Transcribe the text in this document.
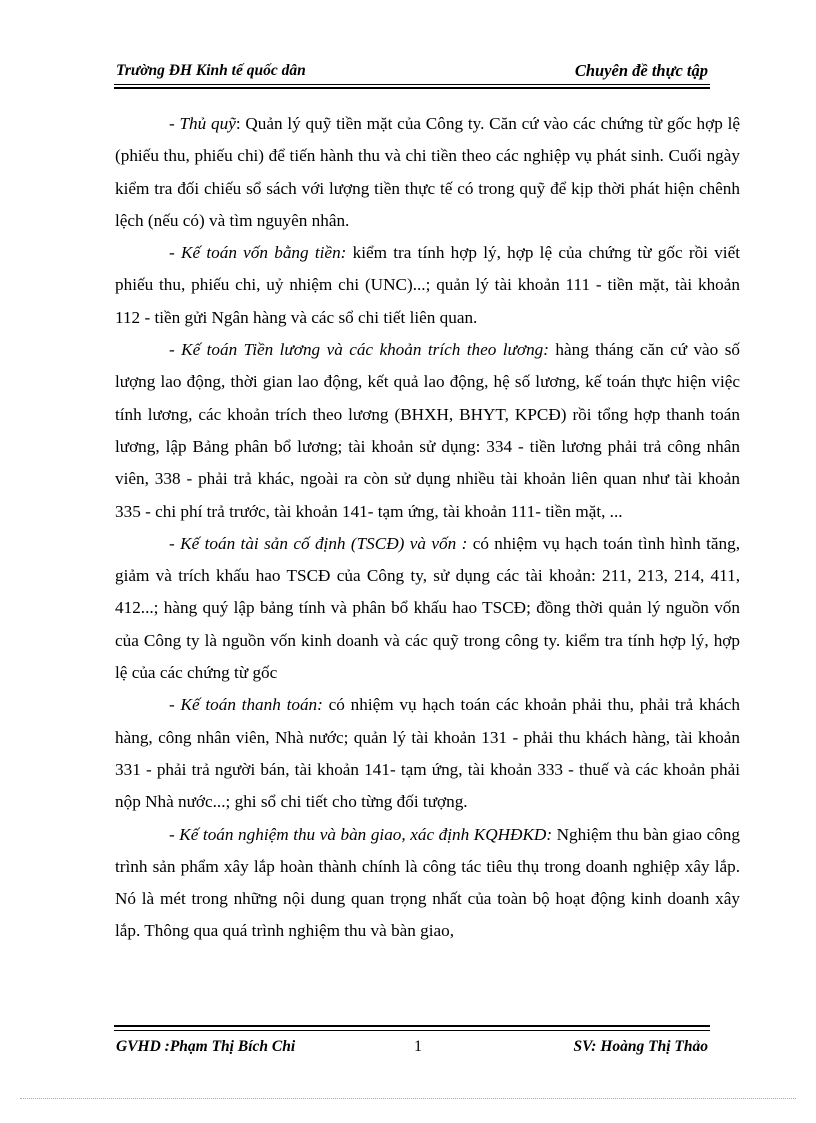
Trường ĐH Kinh tế quốc dân	Chuyên đề thực tập

- Thủ quỹ: Quản lý quỹ tiền mặt của Công ty. Căn cứ vào các chứng từ gốc hợp lệ (phiếu thu, phiếu chi) để tiến hành thu và chi tiền theo các nghiệp vụ phát sinh. Cuối ngày kiểm tra đối chiếu sổ sách với lượng tiền thực tế có trong quỹ để kịp thời phát hiện chênh lệch (nếu có) và tìm nguyên nhân.

- Kế toán vốn bằng tiền: kiểm tra tính hợp lý, hợp lệ của chứng từ gốc rồi viết phiếu thu, phiếu chi, uỷ nhiệm chi (UNC)...; quản lý tài khoản 111 - tiền mặt, tài khoản 112 - tiền gửi Ngân hàng và các sổ chi tiết liên quan.

- Kế toán Tiền lương và các khoản trích theo lương: hàng tháng căn cứ vào số lượng lao động, thời gian lao động, kết quả lao động, hệ số lương, kế toán thực hiện việc tính lương, các khoản trích theo lương (BHXH, BHYT, KPCĐ) rồi tổng hợp thanh toán lương, lập Bảng phân bổ lương; tài khoản sử dụng: 334 - tiền lương phải trả công nhân viên, 338 - phải trả khác, ngoài ra còn sử dụng nhiều tài khoản liên quan như tài khoản 335 - chi phí trả trước, tài khoản 141- tạm ứng, tài khoản 111- tiền mặt, ...

- Kế toán tài sản cố định (TSCĐ) và vốn : có nhiệm vụ hạch toán tình hình tăng, giảm và trích khấu hao TSCĐ của Công ty, sử dụng các tài khoản: 211, 213, 214, 411, 412...; hàng quý lập bảng tính và phân bổ khấu hao TSCĐ; đồng thời quản lý nguồn vốn của Công ty là nguồn vốn kinh doanh và các quỹ trong công ty. kiểm tra tính hợp lý, hợp lệ của các chứng từ gốc

- Kế toán thanh toán: có nhiệm vụ hạch toán các khoản phải thu, phải trả khách hàng, công nhân viên, Nhà nước; quản lý tài khoản 131 - phải thu khách hàng, tài khoản 331 - phải trả người bán, tài khoản 141- tạm ứng, tài khoản 333 - thuế và các khoản phải nộp Nhà nước...; ghi sổ chi tiết cho từng đối tượng.

- Kế toán nghiệm thu và bàn giao, xác định KQHĐKD: Nghiệm thu bàn giao công trình sản phẩm xây lắp hoàn thành chính là công tác tiêu thụ trong doanh nghiệp xây lắp. Nó là mét trong những nội dung quan trọng nhất của toàn bộ hoạt động kinh doanh xây lắp. Thông qua quá trình nghiệm thu và bàn giao,

GVHD :Phạm Thị Bích Chi	1	SV: Hoàng Thị Thảo
